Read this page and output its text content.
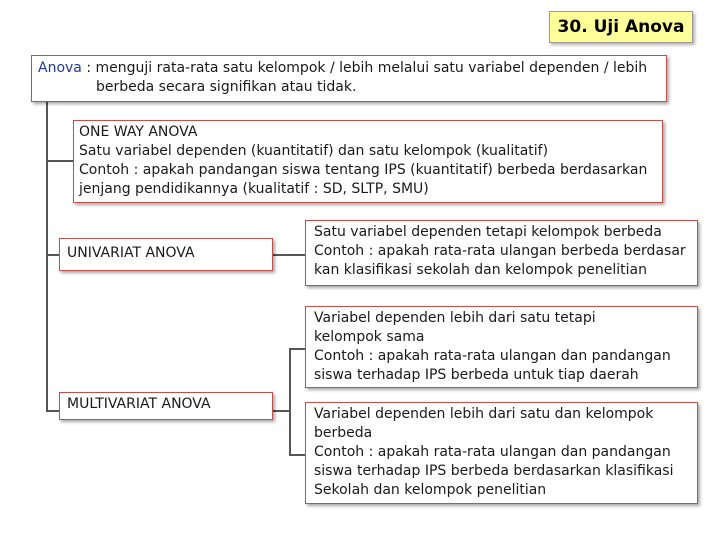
30. Uji Anova
Anova : menguji rata-rata satu kelompok / lebih melalui satu variabel dependen / lebih
berbeda secara signifikan atau tidak.
ONE WAY ANOVA
Satu variabel dependen (kuantitatif) dan satu kelompok (kualitatif)
Contoh : apakah pandangan siswa tentang IPS (kuantitatif) berbeda berdasarkan
jenjang pendidikannya (kualitatif : SD, SLTP, SMU)
UNIVARIAT ANOVA
Satu variabel dependen tetapi kelompok berbeda
Contoh : apakah rata-rata ulangan berbeda berdasar
kan klasifikasi sekolah dan kelompok penelitian
MULTIVARIAT ANOVA
Variabel dependen lebih dari satu tetapi
kelompok sama
Contoh : apakah rata-rata ulangan dan pandangan
siswa terhadap IPS berbeda untuk tiap daerah
Variabel dependen lebih dari satu dan kelompok
berbeda
Contoh : apakah rata-rata ulangan dan pandangan
siswa terhadap IPS berbeda berdasarkan klasifikasi
Sekolah dan kelompok penelitian
